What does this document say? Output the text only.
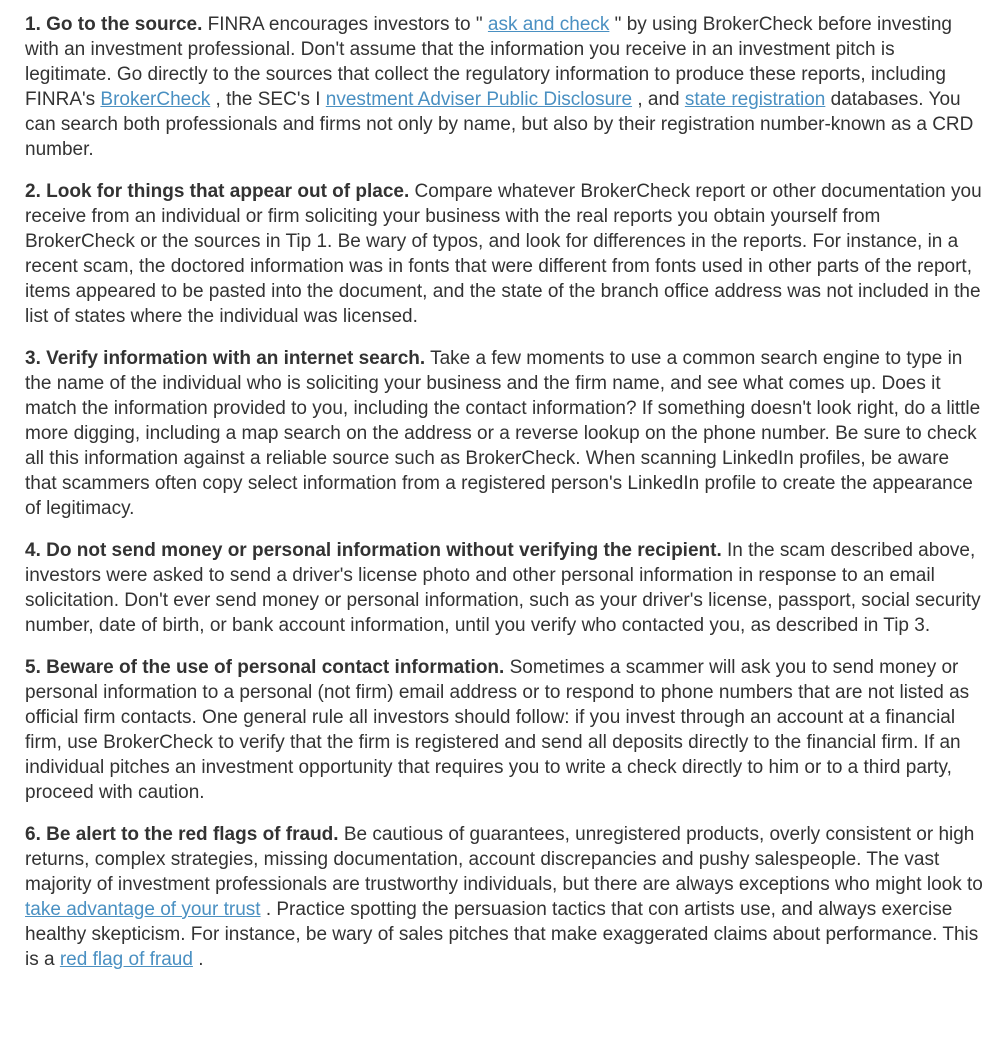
1. Go to the source. FINRA encourages investors to " ask and check " by using BrokerCheck before investing with an investment professional. Don't assume that the information you receive in an investment pitch is legitimate. Go directly to the sources that collect the regulatory information to produce these reports, including FINRA's BrokerCheck , the SEC's I nvestment Adviser Public Disclosure , and state registration databases. You can search both professionals and firms not only by name, but also by their registration number-known as a CRD number.

2. Look for things that appear out of place. Compare whatever BrokerCheck report or other documentation you receive from an individual or firm soliciting your business with the real reports you obtain yourself from BrokerCheck or the sources in Tip 1. Be wary of typos, and look for differences in the reports. For instance, in a recent scam, the doctored information was in fonts that were different from fonts used in other parts of the report, items appeared to be pasted into the document, and the state of the branch office address was not included in the list of states where the individual was licensed.

3. Verify information with an internet search. Take a few moments to use a common search engine to type in the name of the individual who is soliciting your business and the firm name, and see what comes up. Does it match the information provided to you, including the contact information? If something doesn't look right, do a little more digging, including a map search on the address or a reverse lookup on the phone number. Be sure to check all this information against a reliable source such as BrokerCheck. When scanning LinkedIn profiles, be aware that scammers often copy select information from a registered person's LinkedIn profile to create the appearance of legitimacy.

4. Do not send money or personal information without verifying the recipient. In the scam described above, investors were asked to send a driver's license photo and other personal information in response to an email solicitation. Don't ever send money or personal information, such as your driver's license, passport, social security number, date of birth, or bank account information, until you verify who contacted you, as described in Tip 3.

5. Beware of the use of personal contact information. Sometimes a scammer will ask you to send money or personal information to a personal (not firm) email address or to respond to phone numbers that are not listed as official firm contacts. One general rule all investors should follow: if you invest through an account at a financial firm, use BrokerCheck to verify that the firm is registered and send all deposits directly to the financial firm. If an individual pitches an investment opportunity that requires you to write a check directly to him or to a third party, proceed with caution.

6. Be alert to the red flags of fraud. Be cautious of guarantees, unregistered products, overly consistent or high returns, complex strategies, missing documentation, account discrepancies and pushy salespeople. The vast majority of investment professionals are trustworthy individuals, but there are always exceptions who might look to take advantage of your trust . Practice spotting the persuasion tactics that con artists use, and always exercise healthy skepticism. For instance, be wary of sales pitches that make exaggerated claims about performance. This is a red flag of fraud .
